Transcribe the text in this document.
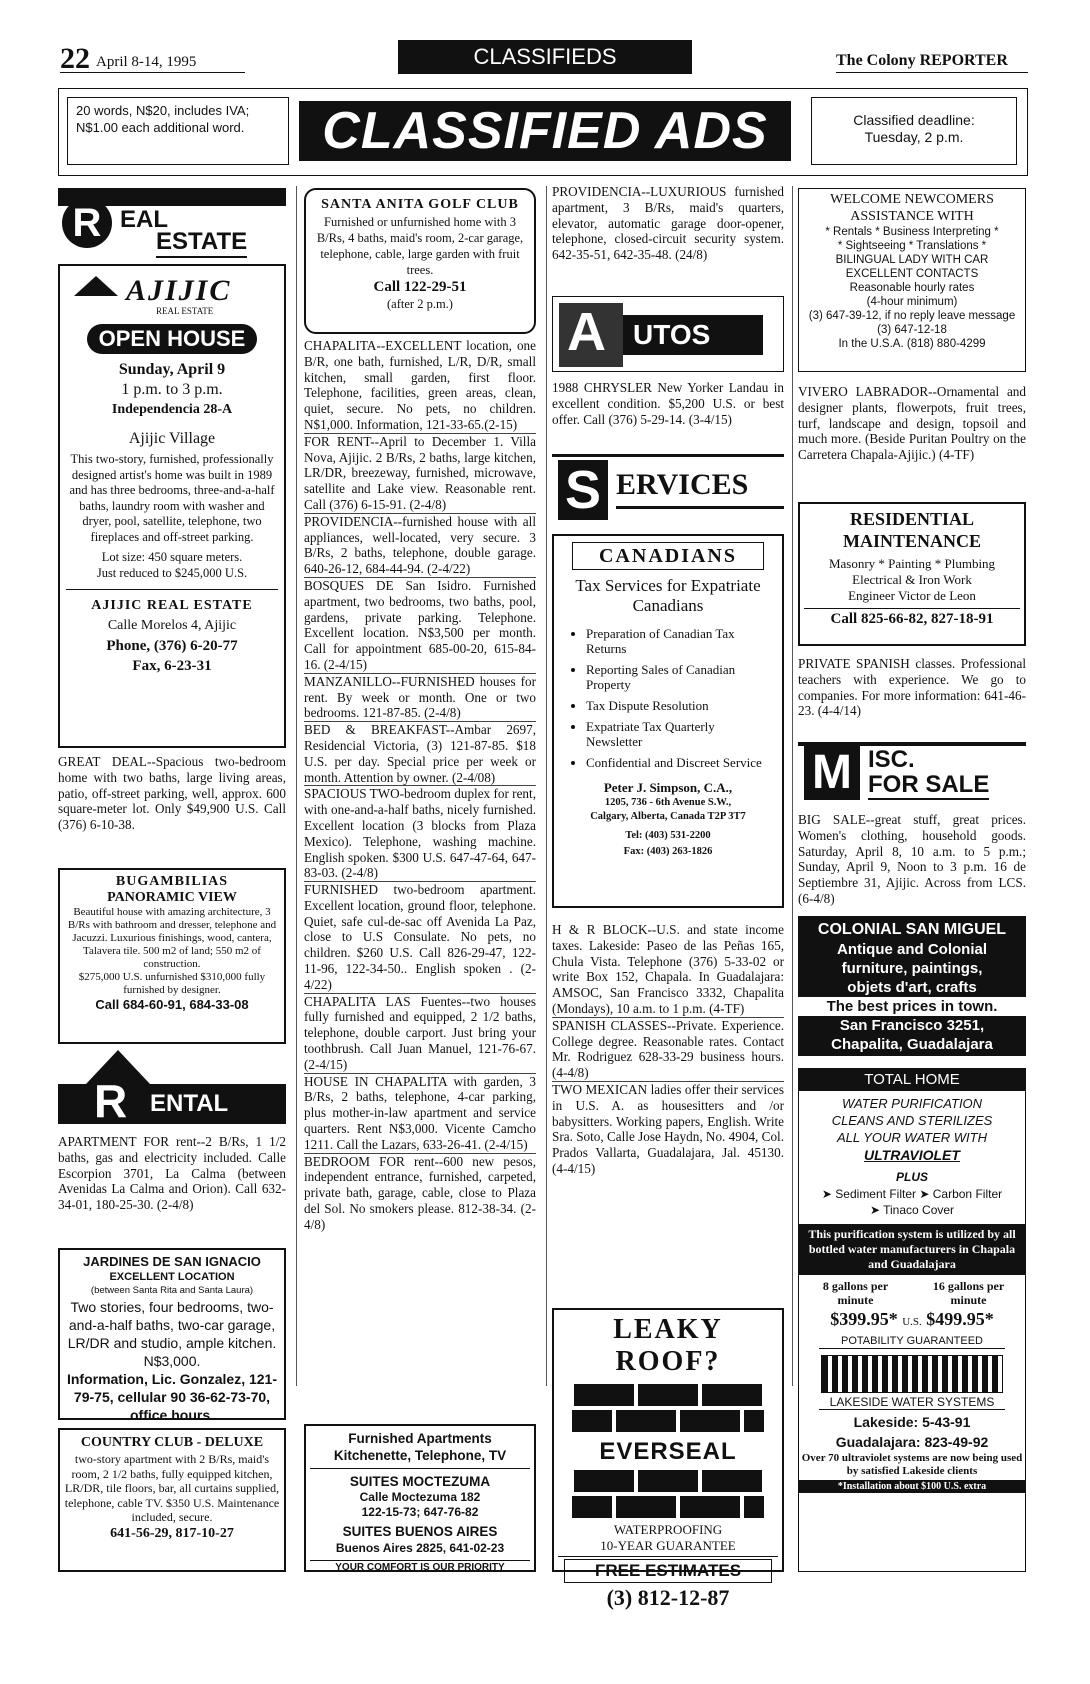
22 April 8-14, 1995	CLASSIFIEDS	The Colony REPORTER
20 words, N$20, includes IVA; N$1.00 each additional word.	CLASSIFIED ADS	Classified deadline:
Tuesday, 2 p.m.
R EAL
ESTATE
AJIJIC
REAL ESTATE
OPEN HOUSE
Sunday, April 9
1 p.m. to 3 p.m.
Independencia 28-A
Ajijic Village
This two-story, furnished, professionally designed artist's home was built in 1989 and has three bedrooms, three-and-a-half baths, laundry room with washer and dryer, pool, satellite, telephone, two fireplaces and off-street parking.
Lot size: 450 square meters.
Just reduced to $245,000 U.S.
AJIJIC REAL ESTATE
Calle Morelos 4, Ajijic
Phone, (376) 6-20-77
Fax, 6-23-31

GREAT DEAL--Spacious two-bedroom home with two baths, large living areas, patio, off-street parking, well, approx. 600 square-meter lot. Only $49,900 U.S. Call (376) 6-10-38.

BUGAMBILIAS
PANORAMIC VIEW
Beautiful house with amazing architecture, 3 B/Rs with bathroom and dresser, telephone and Jacuzzi. Luxurious finishings, wood, cantera, Talavera tile. 500 m2 of land; 550 m2 of construction.
$275,000 U.S. unfurnished $310,000 fully furnished by designer.
Call 684-60-91, 684-33-08
R ENTAL

APARTMENT FOR rent--2 B/Rs, 1 1/2 baths, gas and electricity included. Calle Escorpion 3701, La Calma (between Avenidas La Calma and Orion). Call 632-34-01, 180-25-30. (2-4/8)

JARDINES DE SAN IGNACIO
EXCELLENT LOCATION
(between Santa Rita and Santa Laura)
Two stories, four bedrooms, two-and-a-half baths, two-car garage, LR/DR and studio, ample kitchen. N$3,000.
Information, Lic. Gonzalez, 121-79-75, cellular 90 36-62-73-70, office hours.
COUNTRY CLUB - DELUXE
two-story apartment with 2 B/Rs, maid's room, 2 1/2 baths, fully equipped kitchen, LR/DR, tile floors, bar, all curtains supplied, telephone, cable TV. $350 U.S. Maintenance included, secure.
641-56-29, 817-10-27
SANTA ANITA GOLF CLUB
Furnished or unfurnished home with 3 B/Rs, 4 baths, maid's room, 2-car garage, telephone, cable, large garden with fruit trees.
Call 122-29-51
(after 2 p.m.)

CHAPALITA--EXCELLENT location, one B/R, one bath, furnished, L/R, D/R, small kitchen, small garden, first floor. Telephone, facilities, green areas, clean, quiet, secure. No pets, no children. N$1,000. Information, 121-33-65.(2-15)

FOR RENT--April to December 1. Villa Nova, Ajijic. 2 B/Rs, 2 baths, large kitchen, LR/DR, breezeway, furnished, microwave, satellite and Lake view. Reasonable rent. Call (376) 6-15-91. (2-4/8)

PROVIDENCIA--furnished house with all appliances, well-located, very secure. 3 B/Rs, 2 baths, telephone, double garage. 640-26-12, 684-44-94. (2-4/22)

BOSQUES DE San Isidro. Furnished apartment, two bedrooms, two baths, pool, gardens, private parking. Telephone. Excellent location. N$3,500 per month. Call for appointment 685-00-20, 615-84-16. (2-4/15)

MANZANILLO--FURNISHED houses for rent. By week or month. One or two bedrooms. 121-87-85. (2-4/8)

BED & BREAKFAST--Ambar 2697, Residencial Victoria, (3) 121-87-85. $18 U.S. per day. Special price per week or month. Attention by owner. (2-4/08)

SPACIOUS TWO-bedroom duplex for rent, with one-and-a-half baths, nicely furnished. Excellent location (3 blocks from Plaza Mexico). Telephone, washing machine. English spoken. $300 U.S. 647-47-64, 647-83-03. (2-4/8)

FURNISHED two-bedroom apartment. Excellent location, ground floor, telephone. Quiet, safe cul-de-sac off Avenida La Paz, close to U.S Consulate. No pets, no children. $260 U.S. Call 826-29-47, 122-11-96, 122-34-50.. English spoken . (2-4/22)

CHAPALITA LAS Fuentes--two houses fully furnished and equipped, 2 1/2 baths, telephone, double carport. Just bring your toothbrush. Call Juan Manuel, 121-76-67. (2-4/15)

HOUSE IN CHAPALITA with garden, 3 B/Rs, 2 baths, telephone, 4-car parking, plus mother-in-law apartment and service quarters. Rent N$3,000. Vicente Camcho 1211. Call the Lazars, 633-26-41. (2-4/15)

BEDROOM FOR rent--600 new pesos, independent entrance, furnished, carpeted, private bath, garage, cable, close to Plaza del Sol. No smokers please. 812-38-34. (2-4/8)

Furnished Apartments
Kitchenette, Telephone, TV
SUITES MOCTEZUMA
Calle Moctezuma 182
122-15-73; 647-76-82
SUITES BUENOS AIRES
Buenos Aires 2825, 641-02-23
YOUR COMFORT IS OUR PRIORITY

PROVIDENCIA--LUXURIOUS furnished apartment, 3 B/Rs, maid's quarters, elevator, automatic garage door-opener, telephone, closed-circuit security system. 642-35-51, 642-35-48. (24/8)

A UTOS

1988 CHRYSLER New Yorker Landau in excellent condition. $5,200 U.S. or best offer. Call (376) 5-29-14. (3-4/15)

S ERVICES
CANADIANS
Tax Services for Expatriate Canadians
• Preparation of Canadian Tax Returns
• Reporting Sales of Canadian Property
• Tax Dispute Resolution
• Expatriate Tax Quarterly Newsletter
• Confidential and Discreet Service
Peter J. Simpson, C.A.,
1205, 736 - 6th Avenue S.W.,
Calgary, Alberta, Canada T2P 3T7
Tel: (403) 531-2200
Fax: (403) 263-1826

H & R BLOCK--U.S. and state income taxes. Lakeside: Paseo de las Peñas 165, Chula Vista. Telephone (376) 5-33-02 or write Box 152, Chapala. In Guadalajara: AMSOC, San Francisco 3332, Chapalita (Mondays), 10 a.m. to 1 p.m. (4-TF)

SPANISH CLASSES--Private. Experience. College degree. Reasonable rates. Contact Mr. Rodriguez 628-33-29 business hours. (4-4/8)

TWO MEXICAN ladies offer their services in U.S. A. as housesitters and /or babysitters. Working papers, English. Write Sra. Soto, Calle Jose Haydn, No. 4904, Col. Prados Vallarta, Guadalajara, Jal. 45130. (4-4/15)

LEAKY
ROOF?

EVERSEAL

WATERPROOFING
10-YEAR GUARANTEE
FREE ESTIMATES
(3) 812-12-87
WELCOME NEWCOMERS
ASSISTANCE WITH
* Rentals * Business Interpreting *
* Sightseeing * Translations *
BILINGUAL LADY WITH CAR
EXCELLENT CONTACTS
Reasonable hourly rates
(4-hour minimum)
(3) 647-39-12, if no reply leave message (3) 647-12-18
In the U.S.A. (818) 880-4299

VIVERO LABRADOR--Ornamental and designer plants, flowerpots, fruit trees, turf, landscape and design, topsoil and much more. (Beside Puritan Poultry on the Carretera Chapala-Ajijic.) (4-TF)

RESIDENTIAL
MAINTENANCE
Masonry * Painting * Plumbing
Electrical & Iron Work
Engineer Victor de Leon
Call 825-66-82, 827-18-91

PRIVATE SPANISH classes. Professional teachers with experience. We go to companies. For more information: 641-46-23. (4-4/14)

M ISC.
FOR SALE

BIG SALE--great stuff, great prices. Women's clothing, household goods. Saturday, April 8, 10 a.m. to 5 p.m.; Sunday, April 9, Noon to 3 p.m. 16 de Septiembre 31, Ajijic. Across from LCS. (6-4/8)

COLONIAL SAN MIGUEL
Antique and Colonial
furniture, paintings,
objets d'art, crafts
The best prices in town.
San Francisco 3251,
Chapalita, Guadalajara
TOTAL HOME
WATER PURIFICATION
CLEANS AND STERILIZES
ALL YOUR WATER WITH
ULTRAVIOLET
PLUS
➤ Sediment Filter ➤ Carbon Filter
➤ Tinaco Cover
This purification system is utilized by all bottled water manufacturers in Chapala and Guadalajara
8 gallons per minute
16 gallons per minute
$399.95* U.S. $499.95*
POTABILITY GUARANTEED
LAKESIDE WATER SYSTEMS
Lakeside: 5-43-91
Guadalajara: 823-49-92
Over 70 ultraviolet systems are now being used by satisfied Lakeside clients
*Installation about $100 U.S. extra
